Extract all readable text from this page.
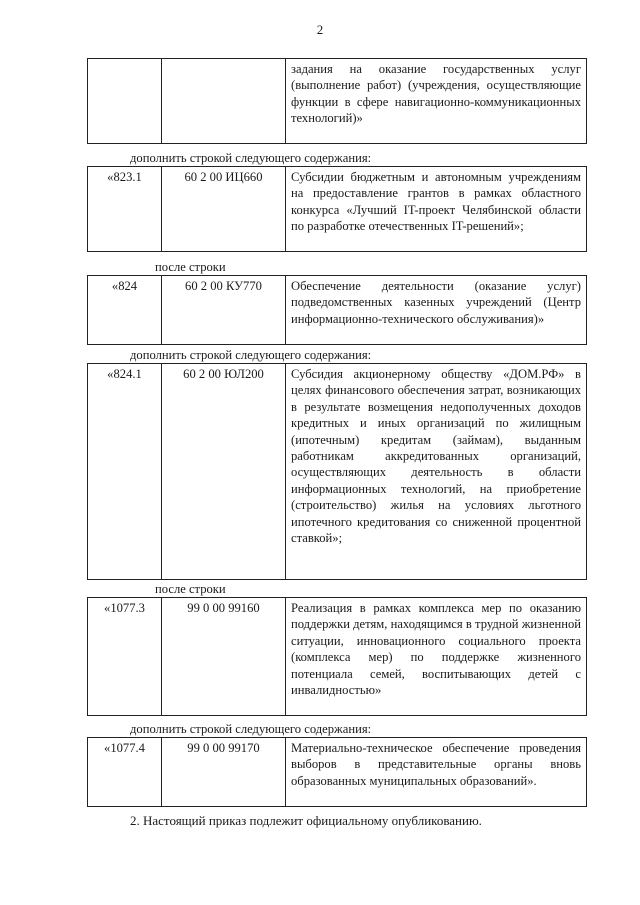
2
		задания на оказание государственных услуг (выполнение работ) (учреждения, осуществляющие функции в сфере навигационно-коммуникационных технологий)»
дополнить строкой следующего содержания:
«823.1	60 2 00 ИЦ660	Субсидии бюджетным и автономным учреждениям на предоставление грантов в рамках областного конкурса «Лучший IT-проект Челябинской области по разработке отечественных IT-решений»;
после строки
«824	60 2 00 КУ770	Обеспечение деятельности (оказание услуг) подведомственных казенных учреждений (Центр информационно-технического обслуживания)»
дополнить строкой следующего содержания:
«824.1	60 2 00 ЮЛ200	Субсидия акционерному обществу «ДОМ.РФ» в целях финансового обеспечения затрат, возникающих в результате возмещения недополученных доходов кредитных и иных организаций по жилищным (ипотечным) кредитам (займам), выданным работникам аккредитованных организаций, осуществляющих деятельность в области информационных технологий, на приобретение (строительство) жилья на условиях льготного ипотечного кредитования со сниженной процентной ставкой»;
после строки
«1077.3	99 0 00 99160	Реализация в рамках комплекса мер по оказанию поддержки детям, находящимся в трудной жизненной ситуации, инновационного социального проекта (комплекса мер) по поддержке жизненного потенциала семей, воспитывающих детей с инвалидностью»
дополнить строкой следующего содержания:
«1077.4	99 0 00 99170	Материально-техническое обеспечение проведения выборов в представительные органы вновь образованных муниципальных образований».
2. Настоящий приказ подлежит официальному опубликованию.
